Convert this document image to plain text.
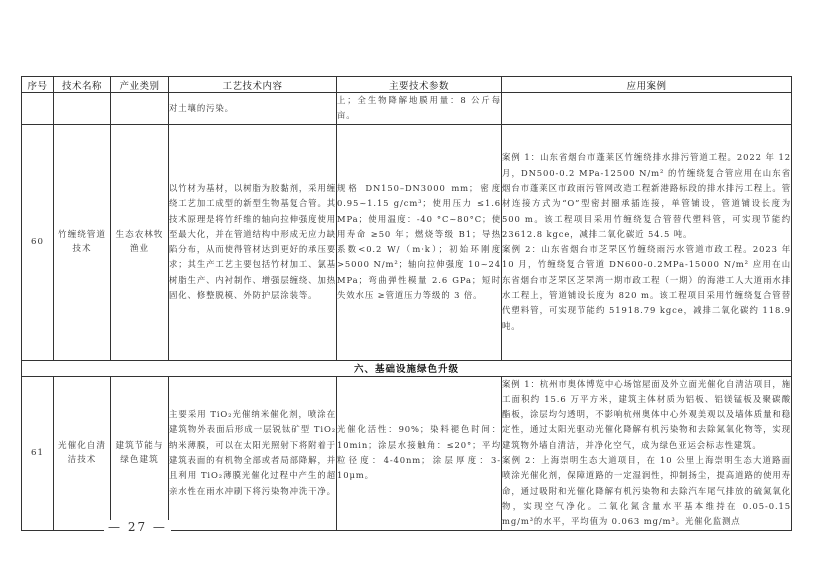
序号	技术名称	产业类别	工艺技术内容	主要技术参数	应用案例
			对土壤的污染。	上；全生物降解地膜用量：8 公斤每亩。	
60	竹缠绕管道技术	生态农林牧渔业	以竹材为基材，以树脂为胶黏剂，采用缠绕工艺加工成型的新型生物基复合管。其技术原理是将竹纤维的轴向拉伸强度使用至最大化，并在管道结构中形成无应力缺陷分布，从而使得管材达到更好的承压要求；其生产工艺主要包括竹材加工、氯基树脂生产、内衬制作、增强层缠绕、加热固化、修整脱模、外防护层涂装等。	规格 DN150–DN3000 mm；密度 0.95~1.15 g/cm³；使用压力 ≤1.6 MPa；使用温度：-40 °C~80°C；使用寿命 ≥50 年；燃烧等级 B1；导热系数<0.2 W/（m·k）；初始环刚度 >5000 N/m²；轴向拉伸强度 10~24 MPa；弯曲弹性模量 2.6 GPa；短时失效水压 ≥管道压力等级的 3 倍。	案例 1：山东省烟台市蓬莱区竹缠绕排水排污管道工程。2022 年 12 月，DN500-0.2 MPa-12500 N/m² 的竹缠绕复合管应用在山东省烟台市蓬莱区市政雨污管网改造工程新港路标段的排水排污工程上。管材连接方式为“O”型密封圈承插连接，单管铺设，管道铺设长度为 500 m。该工程项目采用竹缠绕复合管替代塑料管，可实现节能约 23612.8 kgce，减排二氧化碳近 54.5 吨。
案例 2：山东省烟台市芝罘区竹缠绕雨污水管道市政工程。2023 年 10 月，竹缠绕复合管道 DN600-0.2MPa-15000 N/m² 应用在山东省烟台市芝罘区芝罘湾一期市政工程（一期）的海港工人大道雨水排水工程上，管道铺设长度为 820 m。该工程项目采用竹缠绕复合管替代塑料管，可实现节能约 51918.79 kgce，减排二氧化碳约 118.9 吨。

六、基础设施绿色升级					
61	光催化自清洁技术	建筑节能与绿色建筑	主要采用 TiO₂光催纳米催化剂，喷涂在建筑物外表面后形成一层锐钛矿型 TiO₂纳米薄膜，可以在太阳光照射下将附着于建筑表面的有机物全部或者局部降解，并且利用 TiO₂薄膜光催化过程中产生的超亲水性在雨水冲刷下将污染物冲洗干净。	光催化活性：90%；染料褪色时间：10min；涂层水接触角：≤20°；平均粒径度：4-40nm；涂层厚度：3-10μm。	案例 1：杭州市奥体博览中心场馆屋面及外立面光催化自清洁项目，施工面积约 15.6 万平方米，建筑主体材质为铝板、铝镁锰板及聚碳酸酯板，涂层均匀透明，不影响杭州奥体中心外观美观以及墙体质量和稳定性，通过太阳光驱动光催化降解有机污染物和去除氮氧化物等，实现建筑物外墙自清洁，并净化空气，成为绿色亚运会标志性建筑。
案例 2：上海崇明生态大道项目，在 10 公里上海崇明生态大道路面喷涂光催化剂，保障道路的一定湿润性，抑制扬尘，提高道路的使用寿命，通过吸附和光催化降解有机污染物和去除汽车尾气排放的硫氮氧化物，实现空气净化。二氧化氮含量水平基本维持在 0.05-0.15 mg/m³的水平，平均值为 0.063 mg/m³。光催化监测点
— 27 —
